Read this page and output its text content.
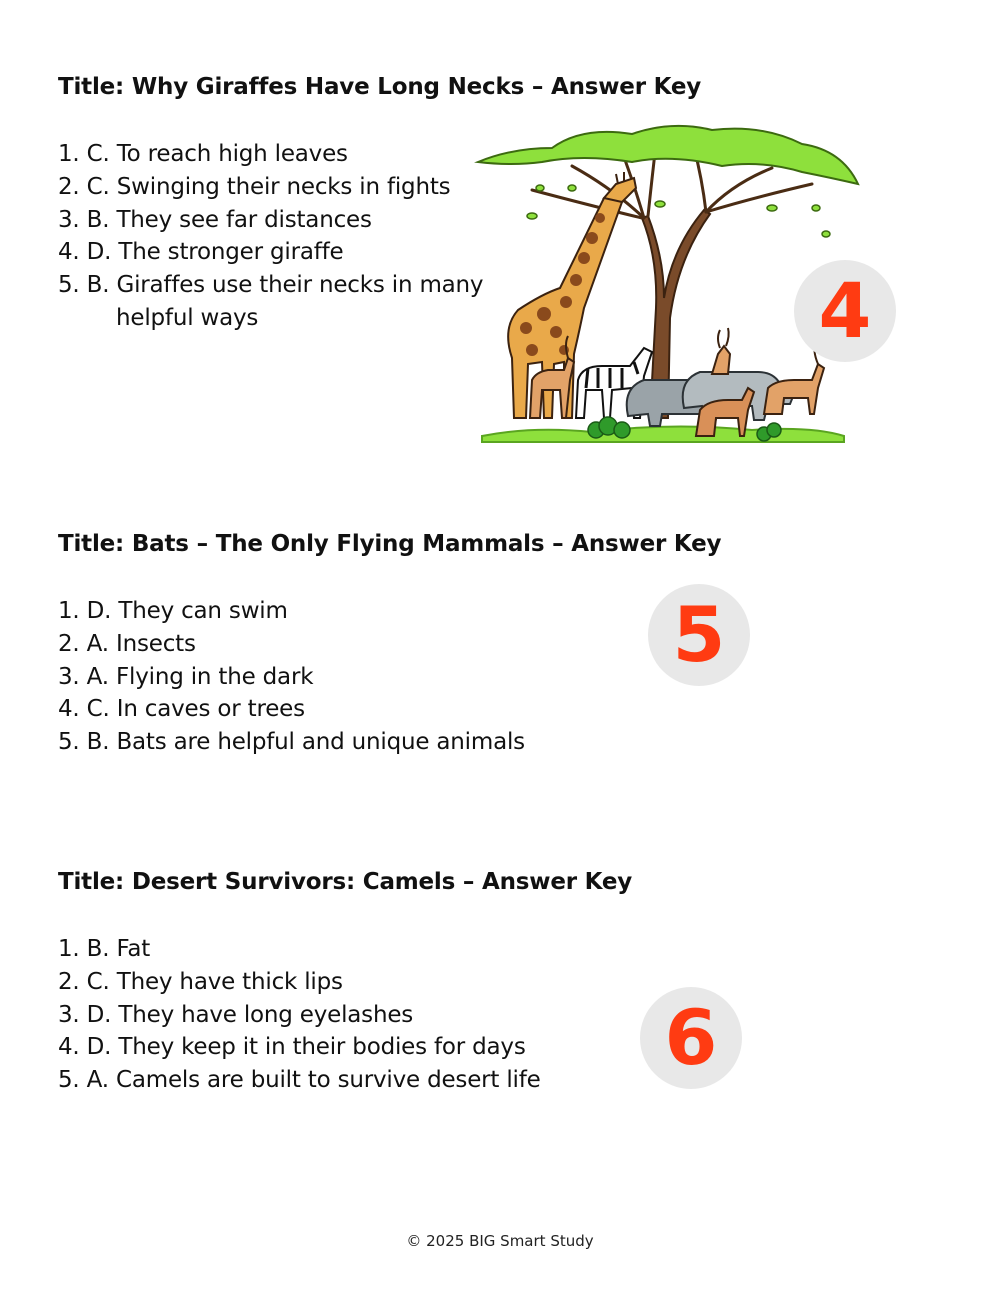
Title: Why Giraffes Have Long Necks – Answer Key
1. C. To reach high leaves
2. C. Swinging their necks in fights
3. B. They see far distances
4. D. The stronger giraffe
5. B. Giraffes use their necks in many
helpful ways	4
Title: Bats – The Only Flying Mammals – Answer Key
1. D. They can swim
2. A. Insects
3. A. Flying in the dark
4. C. In caves or trees
5. B. Bats are helpful and unique animals
5
Title: Desert Survivors: Camels – Answer Key
1. B. Fat
2. C. They have thick lips
3. D. They have long eyelashes
4. D. They keep it in their bodies for days
5. A. Camels are built to survive desert life	6
© 2025 BIG Smart Study
